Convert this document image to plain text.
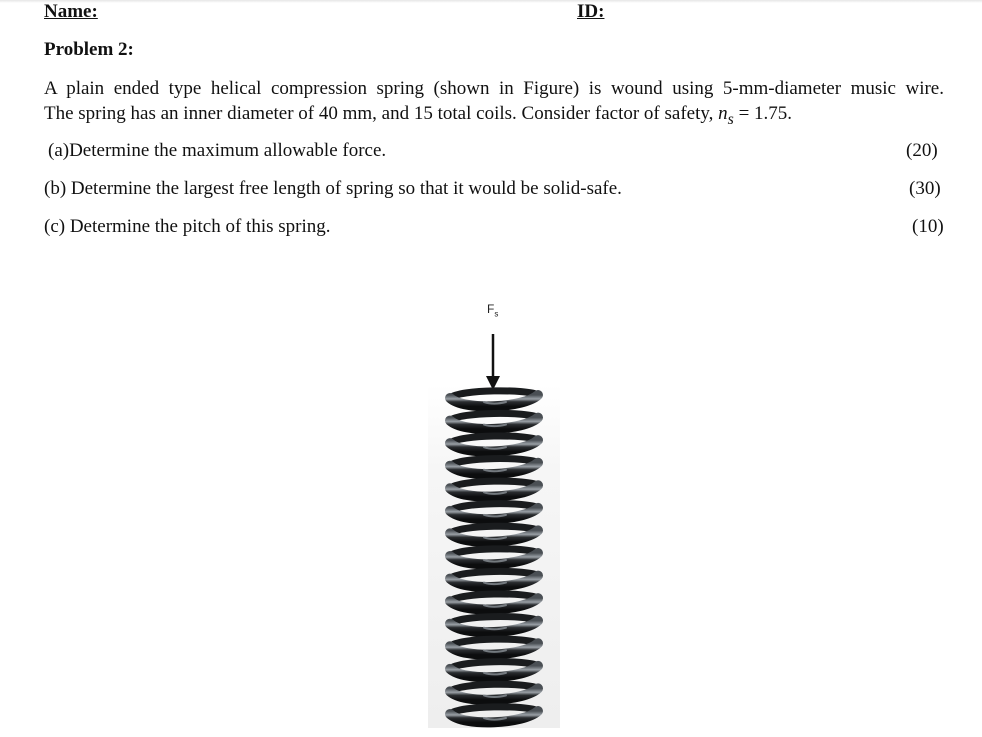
Name:	ID:
Problem 2:
A plain ended type helical compression spring (shown in Figure) is wound using 5-mm-diameter music wire.
The spring has an inner diameter of 40 mm, and 15 total coils. Consider factor of safety, $n_s = 1.75$.
(a)Determine the maximum allowable force.	(20)
(b) Determine the largest free length of spring so that it would be solid-safe.	(30)
(c) Determine the pitch of this spring.	(10)
$F_s$
